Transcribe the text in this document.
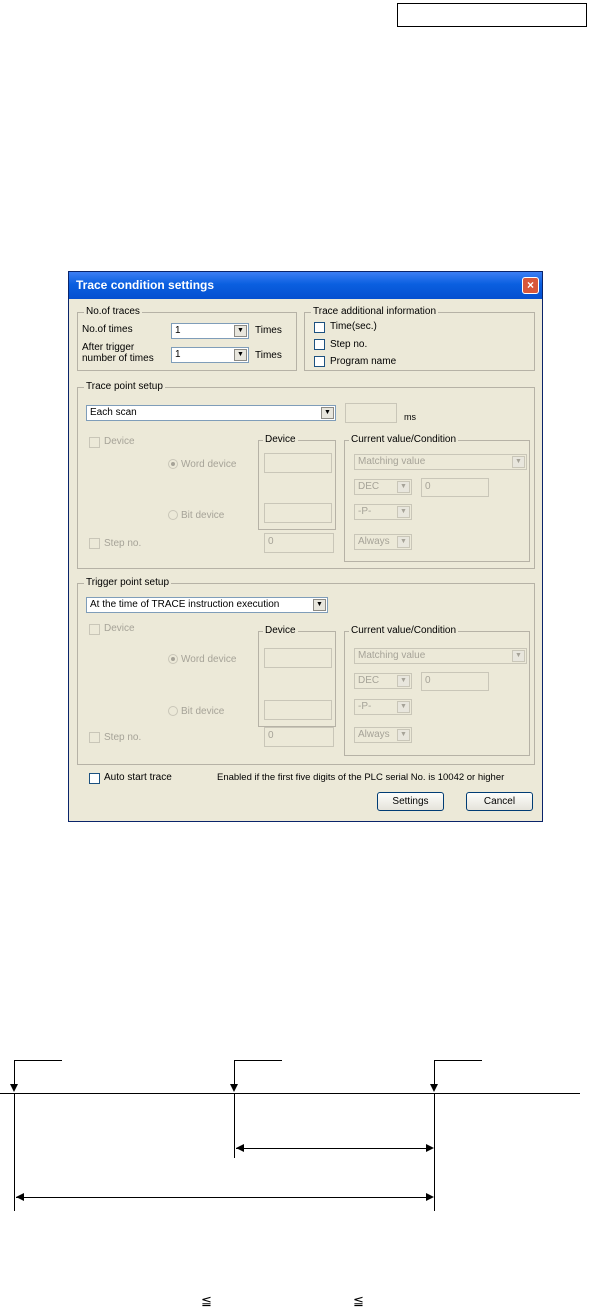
Trace condition settings	×
No.of traces
No.of times	1	▼	Times
After trigger
number of times 1	▼	Times
Trace additional information
Time(sec.)
Step no.
Program name
Trace point setup
Each scan	▼	ms
Device
Word device
Bit device
Device
Step no.	0
Current value/Condition
Matching value	▼
DEC	▼	0
-P-	▼
Always	▼
Trigger point setup
At the time of TRACE instruction execution	▼
Device
Word device
Bit device
Device
Step no.	0
Current value/Condition
Matching value	▼
DEC	▼	0
-P-	▼
Always	▼
Auto start trace	Enabled if the first five digits of the PLC serial No. is 10042 or higher
Settings	Cancel
≦	≦
